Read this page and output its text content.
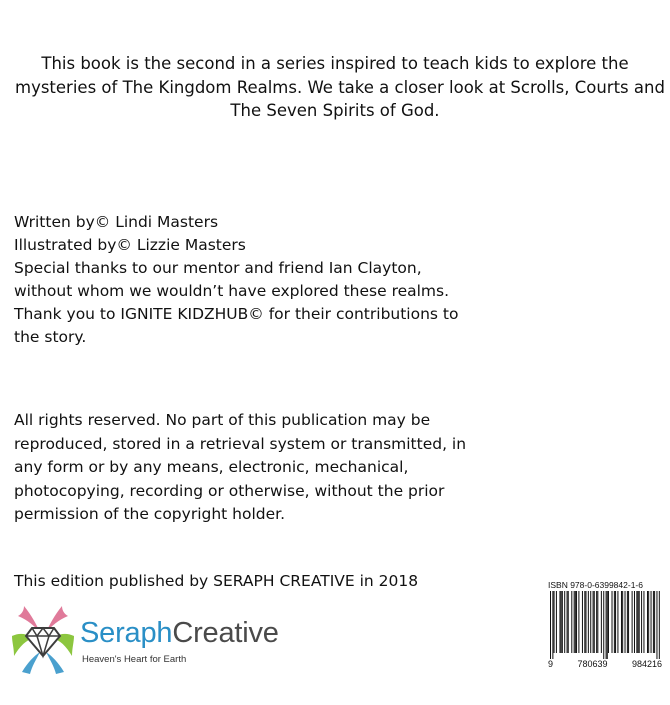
This book is the second in a series inspired to teach kids to explore the
mysteries of The Kingdom Realms. We take a closer look at Scrolls, Courts and
The Seven Spirits of God.
Written by© Lindi Masters
Illustrated by© Lizzie Masters
Special thanks to our mentor and friend Ian Clayton,
without whom we wouldn’t have explored these realms.
Thank you to IGNITE KIDZHUB© for their contributions to
the story.
All rights reserved. No part of this publication may be
reproduced, stored in a retrieval system or transmitted, in
any form or by any means, electronic, mechanical,
photocopying, recording or otherwise, without the prior
permission of the copyright holder.
This edition published by SERAPH CREATIVE in 2018
SeraphCreative
Heaven's Heart for Earth
ISBN 978-0-6399842-1-6
9	780639	984216
